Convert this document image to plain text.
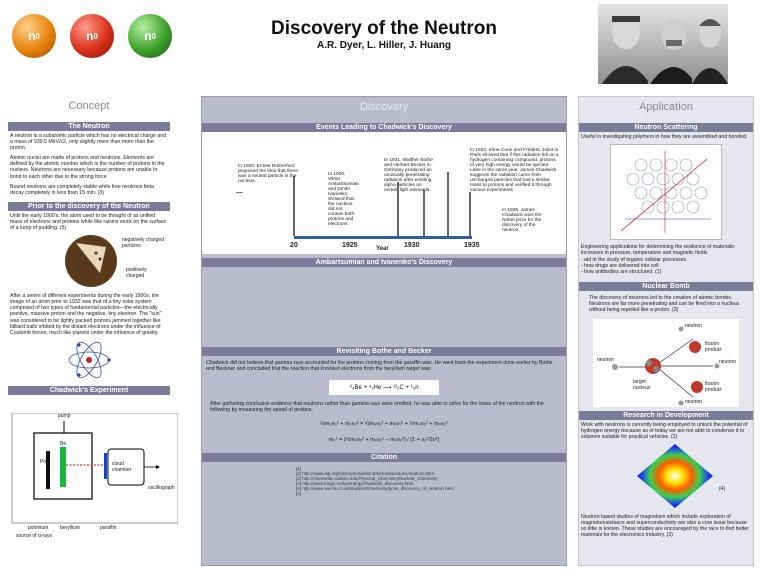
n 0	n 0	n 0	Discovery of the Neutron
A.R. Dyer, L. Hiller, J. Huang
Concept
The Neutron

A neutron is a subatomic particle which has no electrical charge and a mass of 939.5 MeV/c2, only slightly more than more than the proton.

Atomic nuclei are made of protons and neutrons. Elements are defined by the atomic number which is the number of protons in the nucleus. Neutrons are necessary because protons are unable to bond to each other due to the strong force

Bound neutrons are completely stable while free neutrons beta decay completely in less than 15 min. (3)

Prior to the discovery of the Neutron
Until the early 1900's, the atom used to be thought of as unified mass of electrons and protons while like raisins stuck on the surface of a lump of pudding. (5)
negatively charged particles
positively charged
After a series of different experiments during the early 1900s, the image of an atom prior to 1932 was that of a tiny solar system comprised of two types of fundamental particles—the electrically positive, massive proton and the negative, tiny electron. The "sun" was considered to be tightly packed protons jammed together like billiard balls orbited by the distant electrons under the influence of Coulomb forces, much like planets under the influence of gravity.
Chadwick's Experiment
pump
Po
Be
cloud chamber
oscillograph
polonium beryllium	paraffin
source of α-rays
Discovery
Events Leading to Chadwick's Discovery
▪▪▪▪
In 1920, Ernest Rutherford proposed the idea that there was a neutral particle in the nucleus.
In 1930, Viktor Ambartsumian and Dmitri Ivanenko showed that the nucleus did not contain both protons and electrons
In 1931, Walther Bothe and Herbert Becker in Germany produced an unusually penetrating radiation after emitting alpha particles on certain light elements.
In 1932, Irène Curie and Frédéric Joliot in Paris showed that if this radiation fell on a hydrogen containing compound, protons of very high energy would be ejected. Later in the same year, James Chadwick suggests the radiation came from uncharged particles that had a similar mass to protons and verified it through various experiments
In 1935, James Chadwick wins the Nobel prize for the discovery of the neutron.
20	1925	1930	1935
Year
Ambartsumian and Ivanenko's Discovery
Revisiting Bothe and Becker
Chadwick did not believe that gamma rays accounted for the protons coming from the paraffin wax. He went back the experiment done earlier by Bothe and Beckner and concluded that the reaction that knocked electrons from the beryllium target was:
⁹₄Be + ⁴₂He ⟶ ¹²₆C + ¹₀n
After gathering conclusive evidence that neutrons rather than gamma rays were emitted, he was able to solve for the mass of the neutron with the following by measuring the speed of protons.
½m₀v₀² + m₀v₀² = ½m₀v₀² + m₀v₀² + ½m₀v₀² + m₀v₀²
m₀² = (½m₀v₀² + m₀v₀² − m₀v₀²) / (1 + v₀²/2v²)
Citation
[1]
[2] http://www.aip.org/history/exhibits/rutherford/sections/neutron.html
[3] http://chemwiki.ucdavis.edu/Physical_Chemistry/Nuclear_Chemistry
[4] http://www.bingo.no/ko/energy/chadwick_discovery.html
[5] http://www.ww-rw.co.uk/students/chemistry/gcse_discovery_of_neutron.html
[6]
Application
Neutron Scattering
Useful in investigating polymers in how they are assembled and bonded.

Engineering applications for determining the resilience of materials: increases in pressure, temperature and magnetic fields

- aid in the study of organic cellular processes
- how drugs are delivered into cell
- how antibodies are structured. (1)
Nuclear Bomb
The discovery of neutrons led to the creation of atomic bombs. Neutrons are far more penetrating and can be fired into a nucleus without being repelled like a proton. (3)
neutron
fission product
neutron
target nucleus
neutron
fission product
neutron
Research in Development
Work with neutrons is currently being employed to unlock the potential of hydrogen energy because as of today we are not able to condense it to volumes suitable for practical vehicles. (3)
(4)
Neutron based studies of magnetism which include exploration of magnetoresistance and superconductivity are also a core issue because so little is known. These studies are encouraged by the race to find better materials for the electronics industry. (3)
